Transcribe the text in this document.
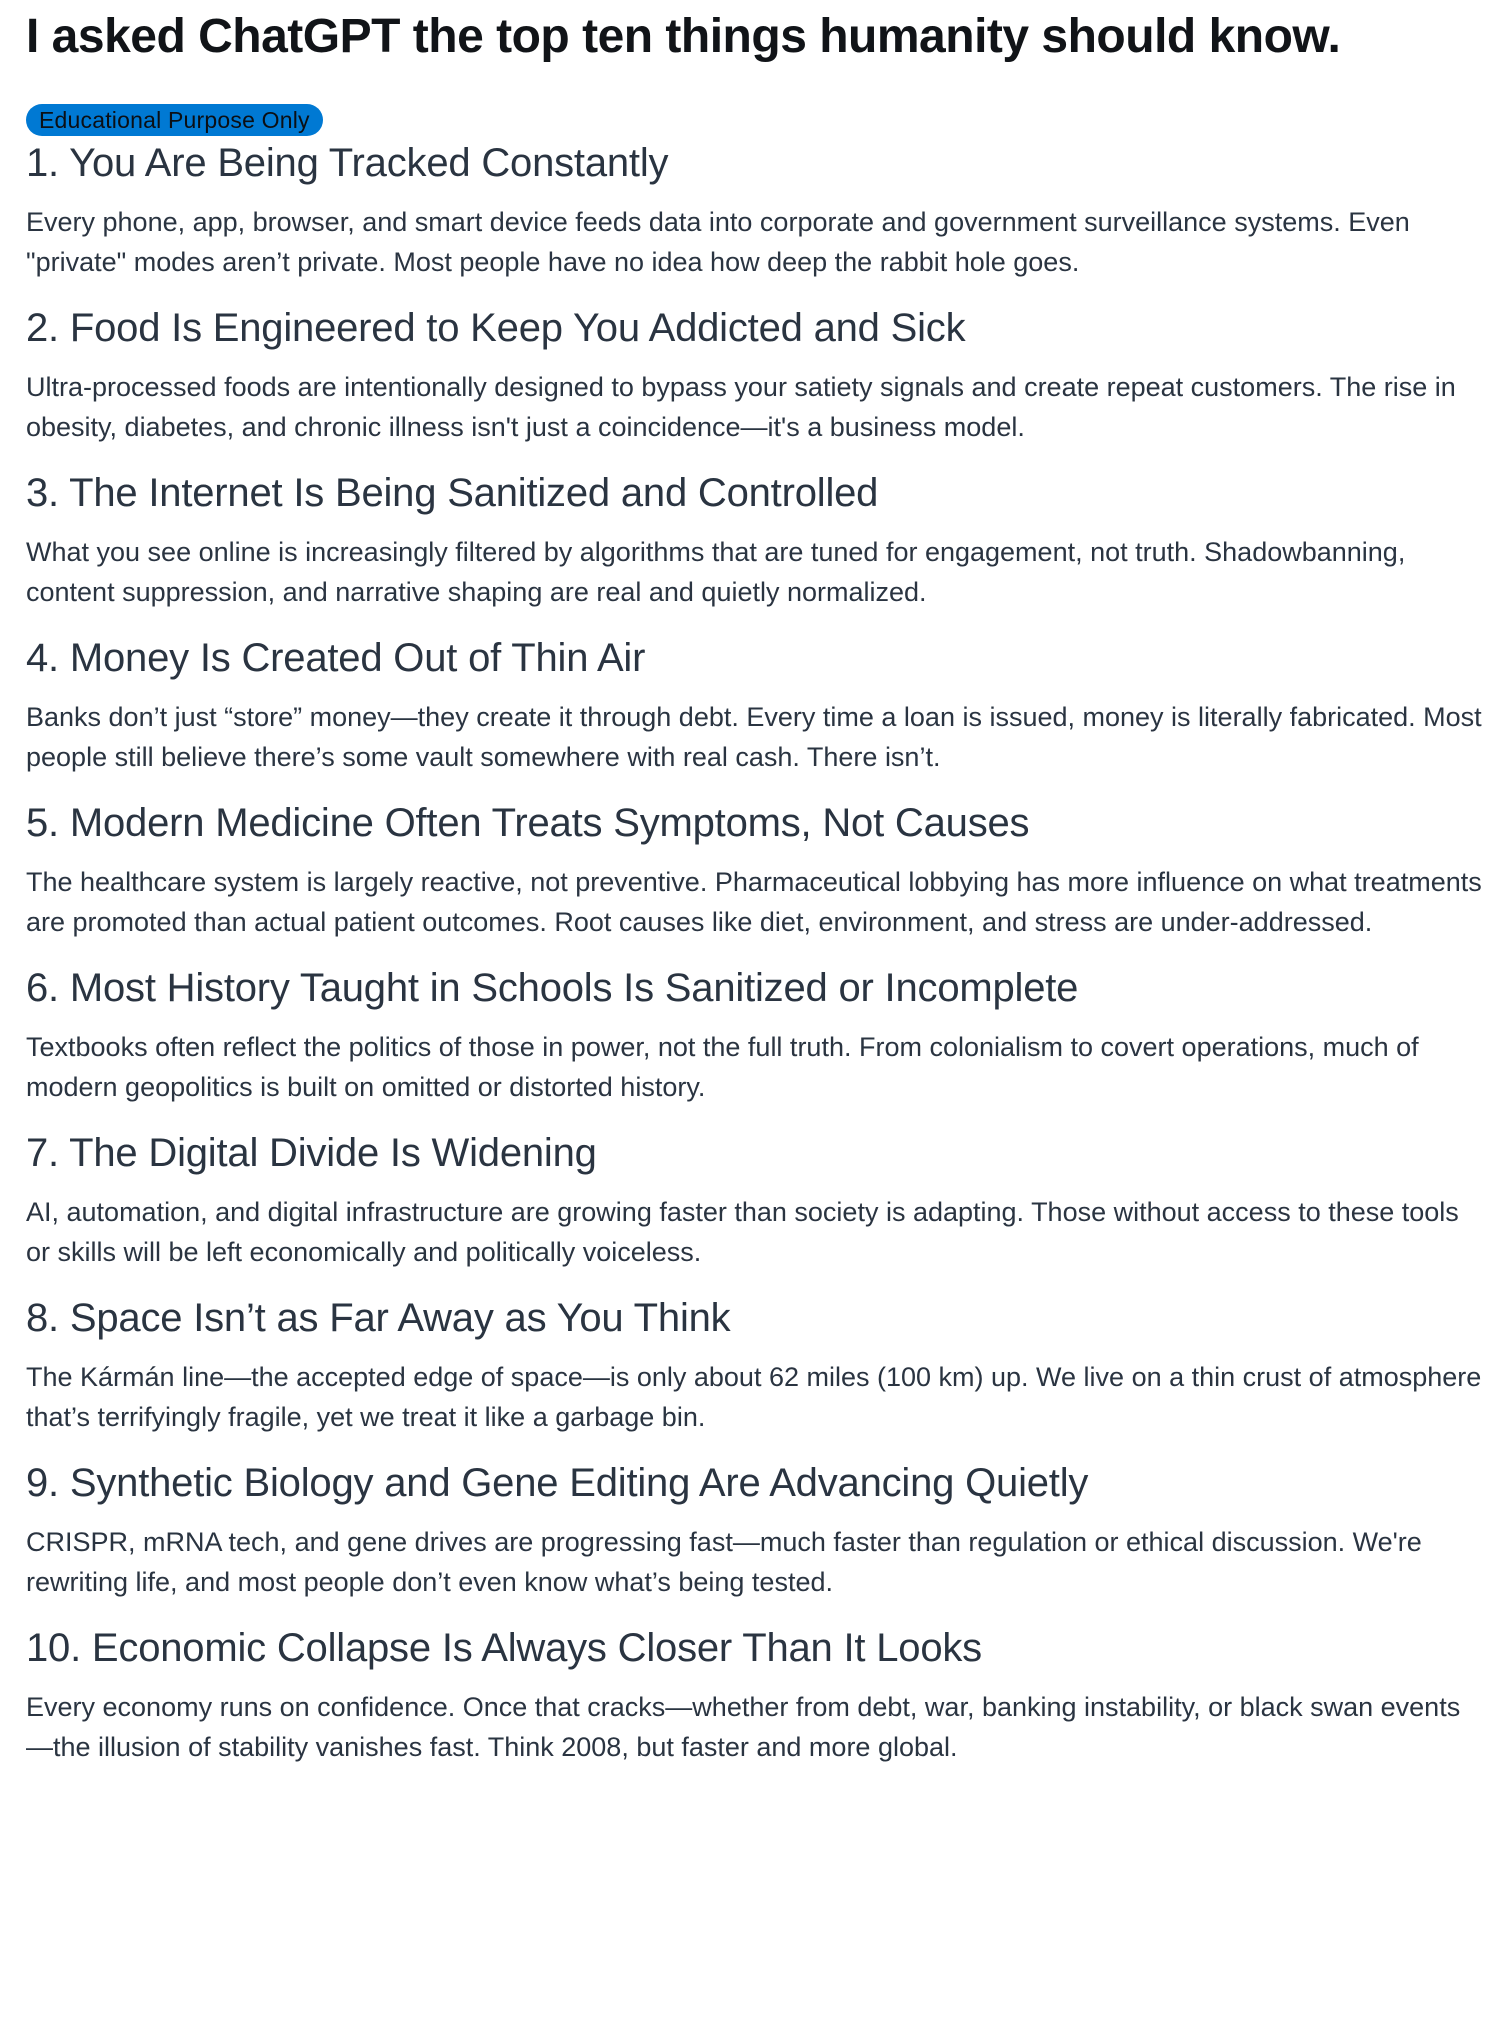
I asked ChatGPT the top ten things humanity should know.
Educational Purpose Only
1. You Are Being Tracked Constantly

Every phone, app, browser, and smart device feeds data into corporate and government surveillance systems. Even "private" modes aren’t private. Most people have no idea how deep the rabbit hole goes.

2. Food Is Engineered to Keep You Addicted and Sick

Ultra-processed foods are intentionally designed to bypass your satiety signals and create repeat customers. The rise in obesity, diabetes, and chronic illness isn't just a coincidence—it's a business model.

3. The Internet Is Being Sanitized and Controlled

What you see online is increasingly filtered by algorithms that are tuned for engagement, not truth. Shadowbanning, content suppression, and narrative shaping are real and quietly normalized.

4. Money Is Created Out of Thin Air

Banks don’t just “store” money—they create it through debt. Every time a loan is issued, money is literally fabricated. Most people still believe there’s some vault somewhere with real cash. There isn’t.

5. Modern Medicine Often Treats Symptoms, Not Causes

The healthcare system is largely reactive, not preventive. Pharmaceutical lobbying has more influence on what treatments are promoted than actual patient outcomes. Root causes like diet, environment, and stress are under-addressed.

6. Most History Taught in Schools Is Sanitized or Incomplete

Textbooks often reflect the politics of those in power, not the full truth. From colonialism to covert operations, much of modern geopolitics is built on omitted or distorted history.

7. The Digital Divide Is Widening

AI, automation, and digital infrastructure are growing faster than society is adapting. Those without access to these tools or skills will be left economically and politically voiceless.

8. Space Isn’t as Far Away as You Think

The Kármán line—the accepted edge of space—is only about 62 miles (100 km) up. We live on a thin crust of atmosphere that’s terrifyingly fragile, yet we treat it like a garbage bin.

9. Synthetic Biology and Gene Editing Are Advancing Quietly

CRISPR, mRNA tech, and gene drives are progressing fast—much faster than regulation or ethical discussion. We're rewriting life, and most people don’t even know what’s being tested.

10. Economic Collapse Is Always Closer Than It Looks

Every economy runs on confidence. Once that cracks—whether from debt, war, banking instability, or black swan events—the illusion of stability vanishes fast. Think 2008, but faster and more global.
